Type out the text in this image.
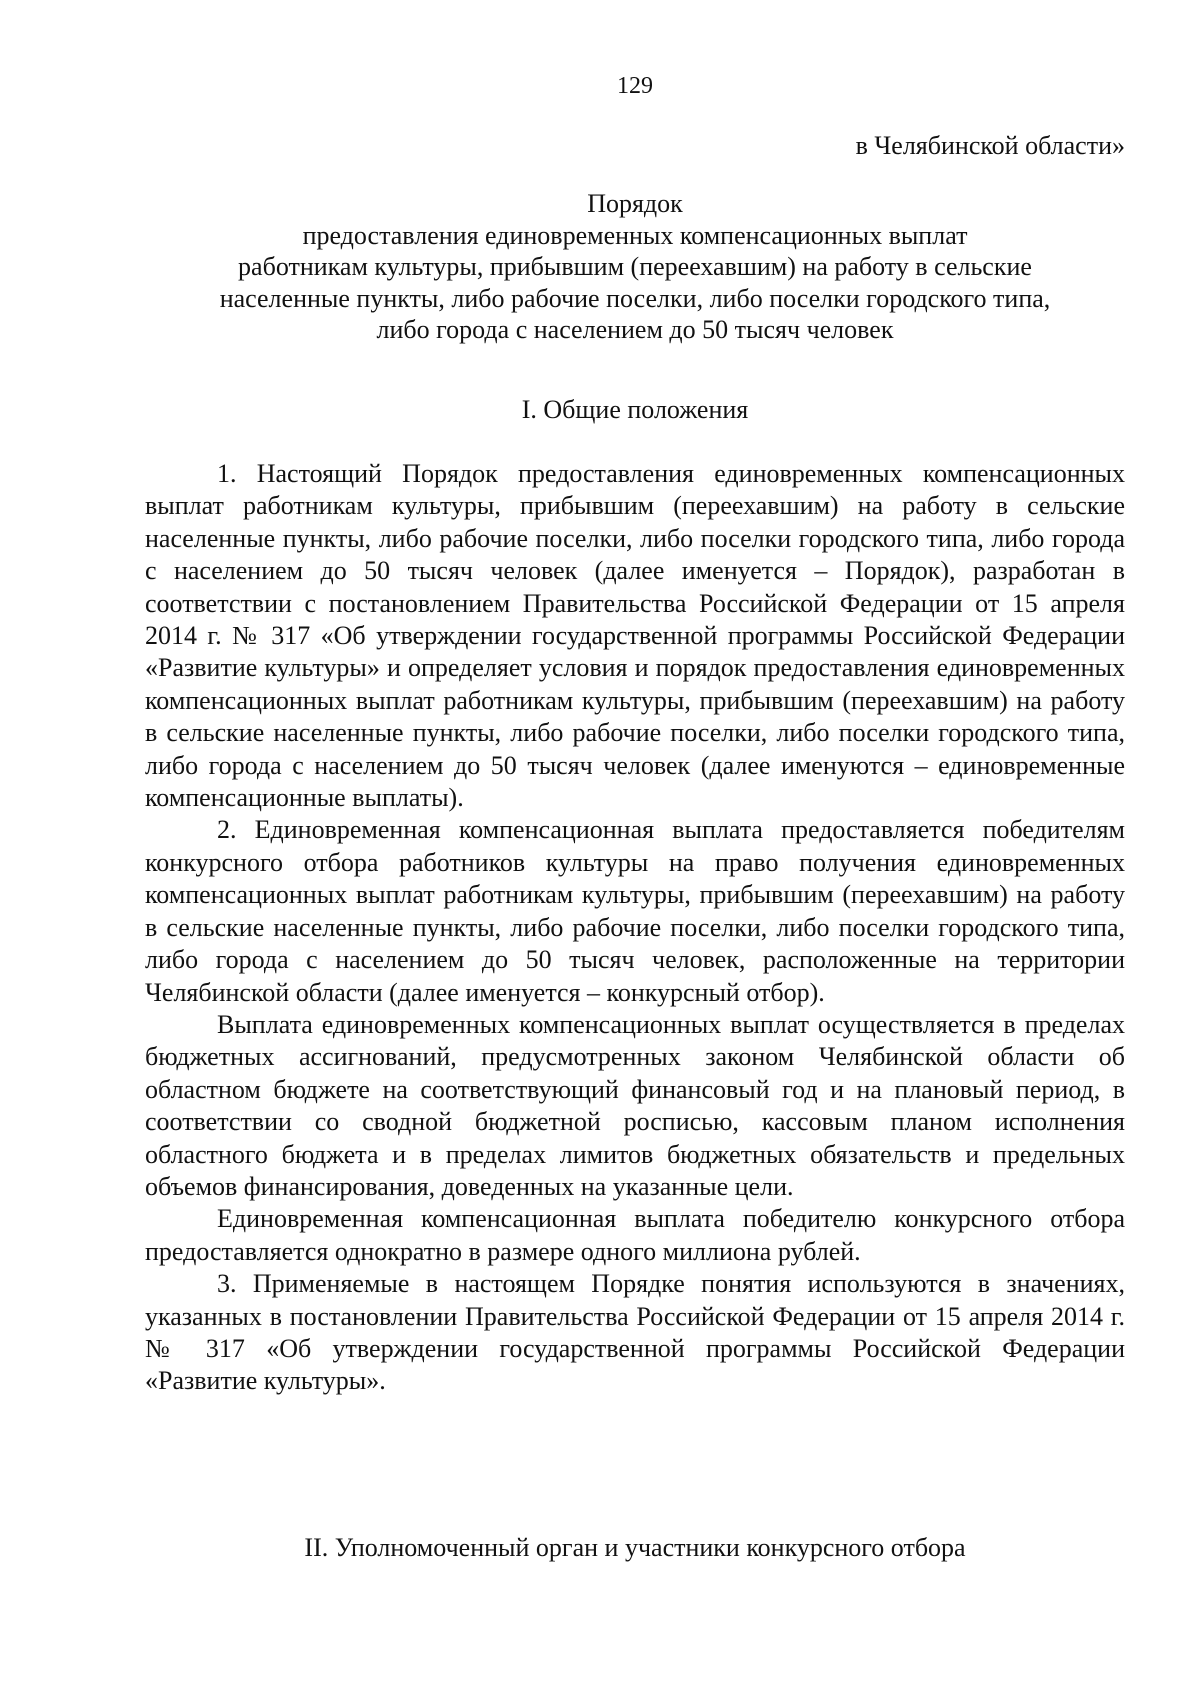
129
в Челябинской области»
Порядок
предоставления единовременных компенсационных выплат
работникам культуры, прибывшим (переехавшим) на работу в сельские
населенные пункты, либо рабочие поселки, либо поселки городского типа,
либо города с населением до 50 тысяч человек
I. Общие положения

1. Настоящий Порядок предоставления единовременных компенсационных выплат работникам культуры, прибывшим (переехавшим) на работу в сельские населенные пункты, либо рабочие поселки, либо поселки городского типа, либо города с населением до 50 тысяч человек (далее именуется – Порядок), разработан в соответствии с постановлением Правительства Российской Федерации от 15 апреля 2014 г. № 317 «Об утверждении государственной программы Российской Федерации «Развитие культуры» и определяет условия и порядок предоставления единовременных компенсационных выплат работникам культуры, прибывшим (переехавшим) на работу в сельские населенные пункты, либо рабочие поселки, либо поселки городского типа, либо города с населением до 50 тысяч человек (далее именуются – единовременные компенсационные выплаты).

2. Единовременная компенсационная выплата предоставляется победителям конкурсного отбора работников культуры на право получения единовременных компенсационных выплат работникам культуры, прибывшим (переехавшим) на работу в сельские населенные пункты, либо рабочие поселки, либо поселки городского типа, либо города с населением до 50 тысяч человек, расположенные на территории Челябинской области (далее именуется – конкурсный отбор).

Выплата единовременных компенсационных выплат осуществляется в пределах бюджетных ассигнований, предусмотренных законом Челябинской области об областном бюджете на соответствующий финансовый год и на плановый период, в соответствии со сводной бюджетной росписью, кассовым планом исполнения областного бюджета и в пределах лимитов бюджетных обязательств и предельных объемов финансирования, доведенных на указанные цели.

Единовременная компенсационная выплата победителю конкурсного отбора предоставляется однократно в размере одного миллиона рублей.

3. Применяемые в настоящем Порядке понятия используются в значениях, указанных в постановлении Правительства Российской Федерации от 15 апреля 2014 г. № 317 «Об утверждении государственной программы Российской Федерации «Развитие культуры».

II. Уполномоченный орган и участники конкурсного отбора
